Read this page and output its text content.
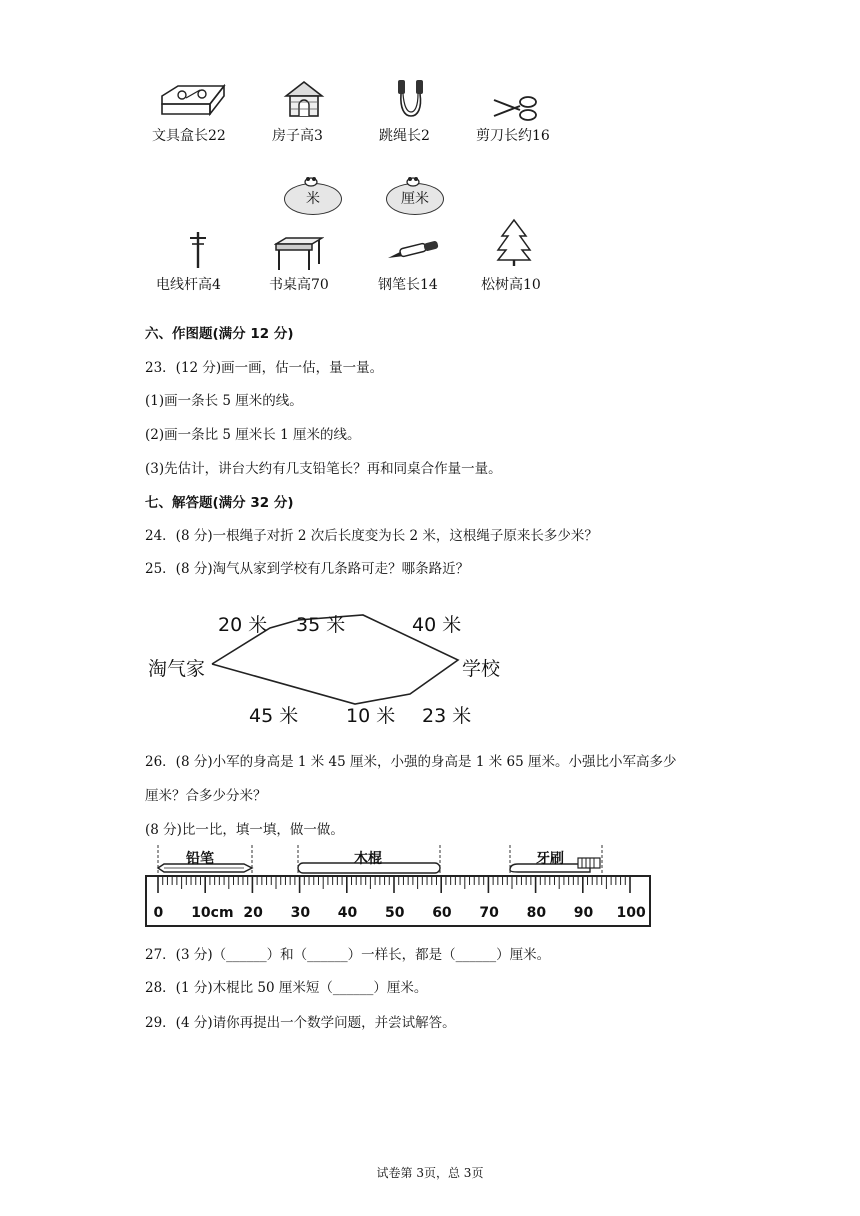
文具盒长22	房子高3	跳绳长2	剪刀长约16
米	厘米
电线杆高4	书桌高70	钢笔长14	松树高10
六、作图题(满分 12 分)
23．(12 分)画一画，估一估，量一量。
(1)画一条长 5 厘米的线。
(2)画一条比 5 厘米长 1 厘米的线。
(3)先估计，讲台大约有几支铅笔长？再和同桌合作量一量。
七、解答题(满分 32 分)
24．(8 分)一根绳子对折 2 次后长度变为长 2 米，这根绳子原来长多少米？
25．(8 分)淘气从家到学校有几条路可走？哪条路近？
淘气家	学校
20 米 35 米	40 米
45 米	10 米 23 米
26．(8 分)小军的身高是 1 米 45 厘米，小强的身高是 1 米 65 厘米。小强比小军高多少
厘米？合多少分米？
(8 分)比一比，填一填，做一做。
铅笔	木棍	牙刷
0 10cm 20 30 40 50 60 70 80 90 100
27．(3 分)（______）和（______）一样长，都是（______）厘米。
28．(1 分)木棍比 50 厘米短（______）厘米。
29．(4 分)请你再提出一个数学问题，并尝试解答。
试卷第 3页，总 3页
